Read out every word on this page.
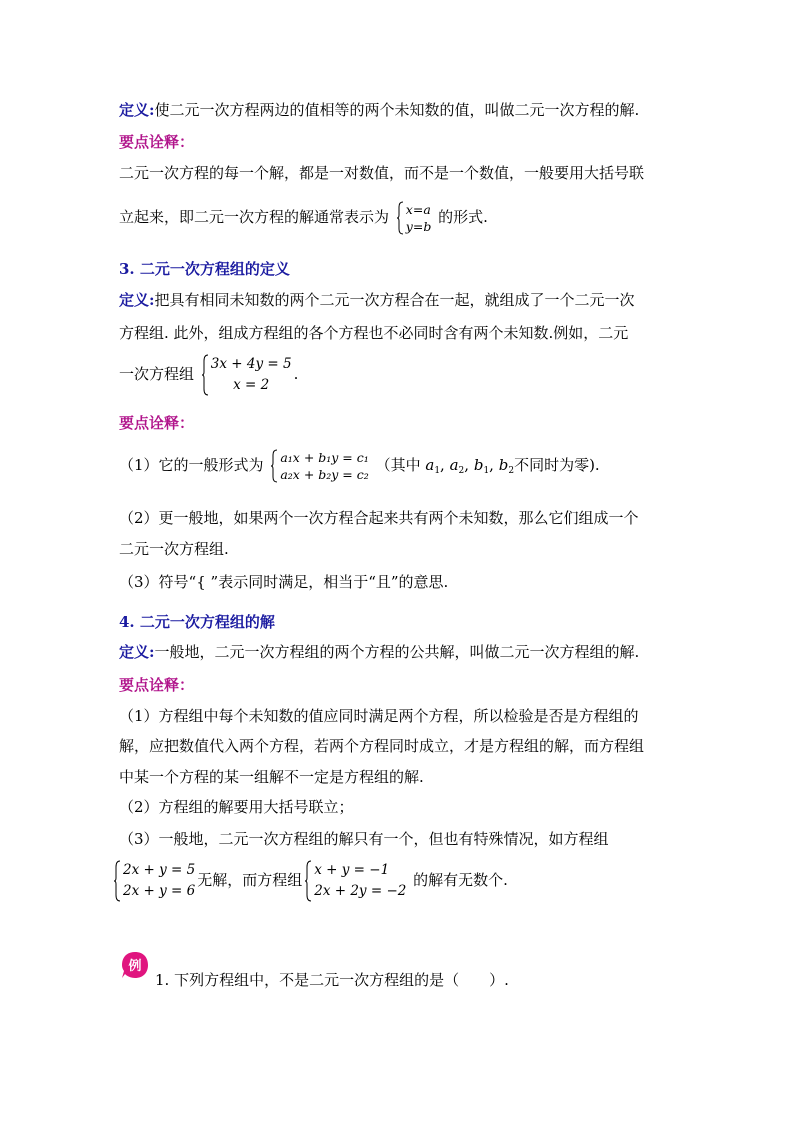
定义:使二元一次方程两边的值相等的两个未知数的值，叫做二元一次方程的解.
要点诠释：
二元一次方程的每一个解，都是一对数值，而不是一个数值，一般要用大括号联
立起来，即二元一次方程的解通常表示为 x=a
y=b
的形式.
3. 二元一次方程组的定义
定义:把具有相同未知数的两个二元一次方程合在一起，就组成了一个二元一次
方程组. 此外，组成方程组的各个方程也不必同时含有两个未知数.例如，二元
一次方程组
3x + 4y = 5
x = 2
.
要点诠释：
（1）它的一般形式为 a₁x + b₁y = c₁
a₂x + b₂y = c₂
（其中 $a_1$, $a_2$, $b_1$, $b_2$不同时为零).
（2）更一般地，如果两个一次方程合起来共有两个未知数，那么它们组成一个
二元一次方程组.
（3）符号“{ ”表示同时满足，相当于“且”的意思.
4. 二元一次方程组的解
定义:一般地，二元一次方程组的两个方程的公共解，叫做二元一次方程组的解.
要点诠释：
（1）方程组中每个未知数的值应同时满足两个方程，所以检验是否是方程组的
解，应把数值代入两个方程，若两个方程同时成立，才是方程组的解，而方程组
中某一个方程的某一组解不一定是方程组的解.
（2）方程组的解要用大括号联立；
（3）一般地，二元一次方程组的解只有一个，但也有特殊情况，如方程组
2x + y = 5
2x + y = 6
无解，而方程组
x + y = −1
2x + 2y = −2
的解有无数个.
例
1. 下列方程组中，不是二元一次方程组的是（　　）.
